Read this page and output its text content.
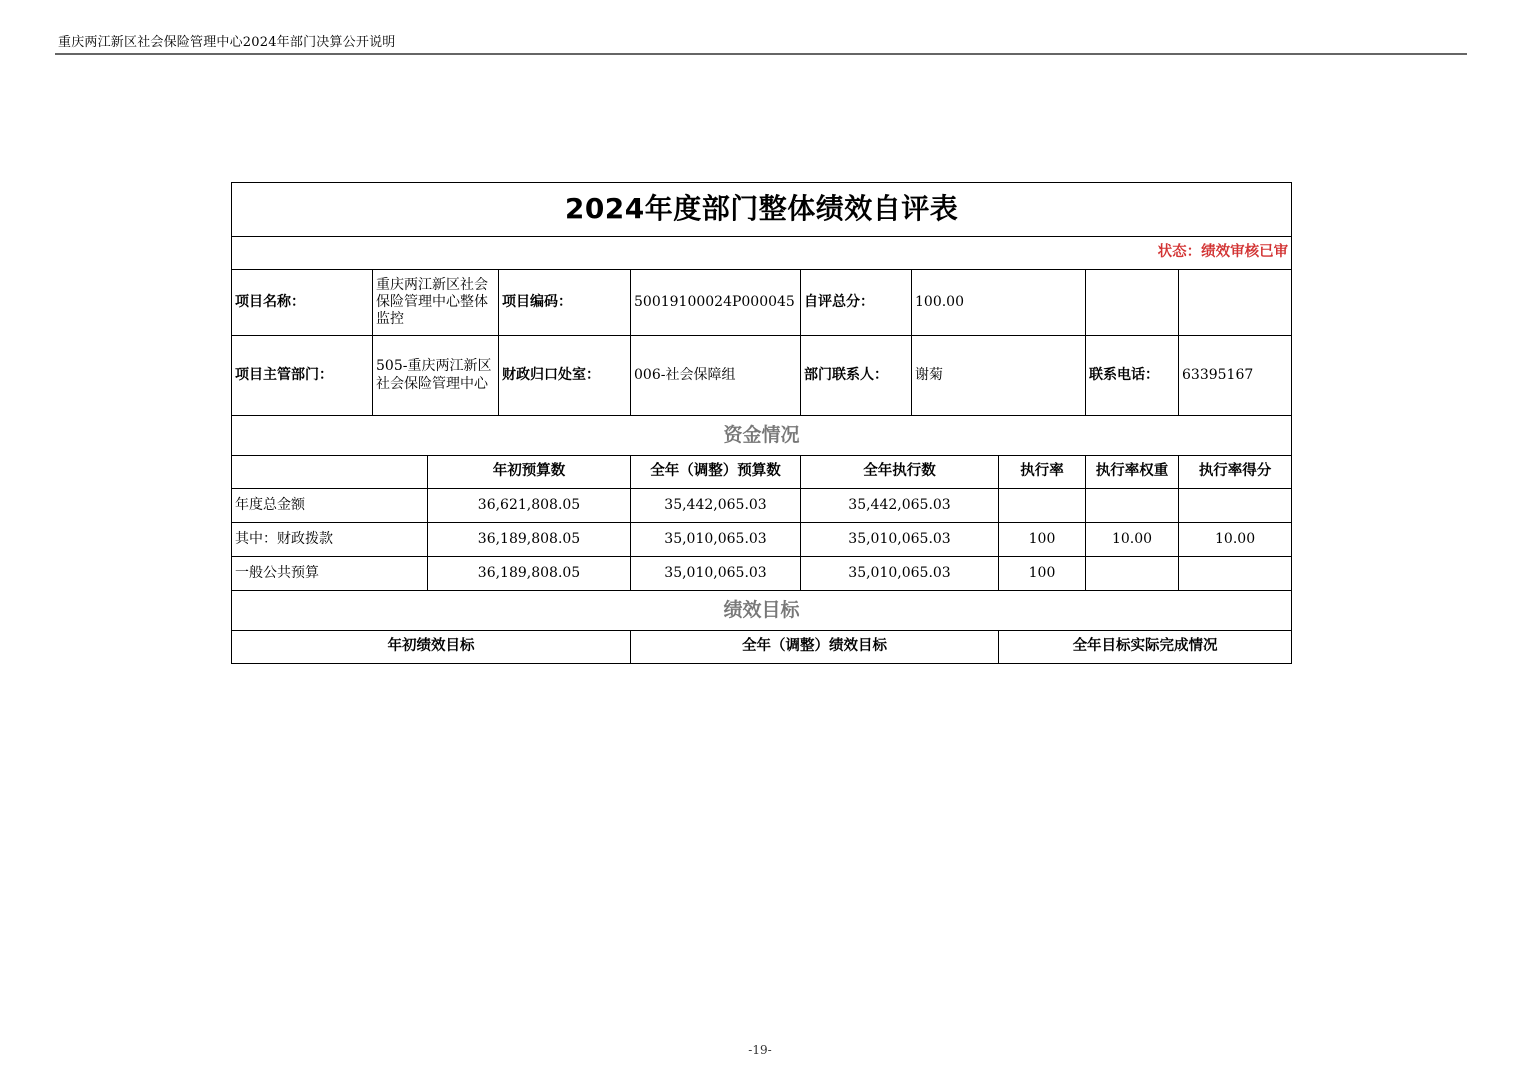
重庆两江新区社会保险管理中心2024年部门决算公开说明
2024年度部门整体绩效自评表									
状态：绩效审核已审									
项目名称：	重庆两江新区社会保险管理中心整体监控		项目编码：	50019100024P000045	自评总分：	100.00			
项目主管部门：	505-重庆两江新区社会保险管理中心		财政归口处室：	006-社会保障组	部门联系人：	谢菊		联系电话：	63395167
资金情况									
		年初预算数		全年（调整）预算数	全年执行数		执行率	执行率权重	执行率得分
年度总金额		36,621,808.05		35,442,065.03	35,442,065.03				
其中：财政拨款		36,189,808.05		35,010,065.03	35,010,065.03		100	10.00	10.00
一般公共预算		36,189,808.05		35,010,065.03	35,010,065.03		100		
绩效目标									
年初绩效目标				全年（调整）绩效目标			全年目标实际完成情况		
-19-
